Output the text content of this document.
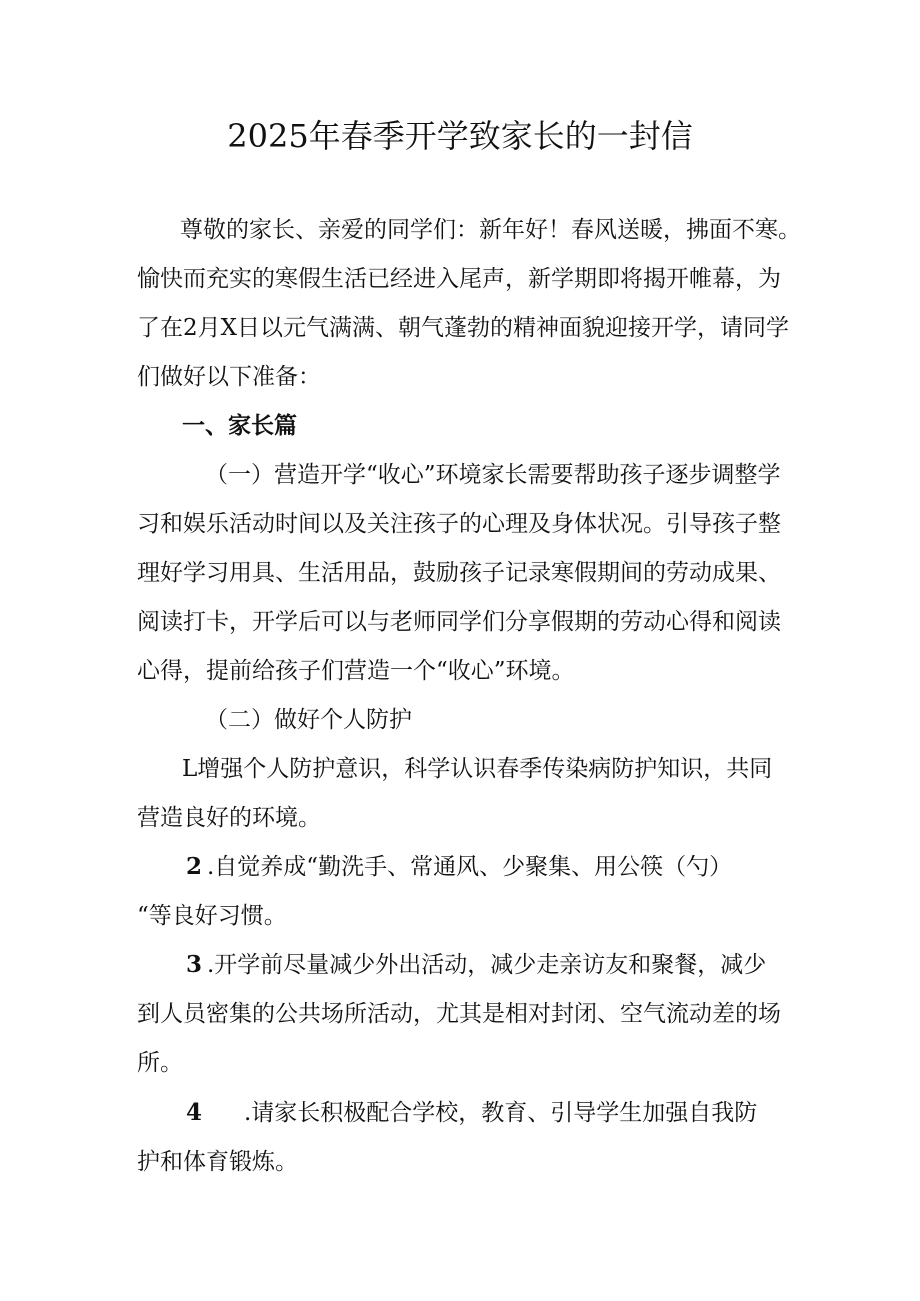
2025年春季开学致家长的一封信
尊敬的家长、亲爱的同学们：新年好！春风送暖，拂面不寒。
愉快而充实的寒假生活已经进入尾声，新学期即将揭开帷幕，为
了在2月X日以元气满满、朝气蓬勃的精神面貌迎接开学，请同学
们做好以下准备：
一、家长篇
（一）营造开学“收心”环境家长需要帮助孩子逐步调整学
习和娱乐活动时间以及关注孩子的心理及身体状况。引导孩子整
理好学习用具、生活用品，鼓励孩子记录寒假期间的劳动成果、
阅读打卡，开学后可以与老师同学们分享假期的劳动心得和阅读
心得，提前给孩子们营造一个“收心”环境。
（二）做好个人防护
L增强个人防护意识，科学认识春季传染病防护知识，共同
营造良好的环境。
2 .自觉养成“勤洗手、常通风、少聚集、用公筷（勺）
“等良好习惯。
3 .开学前尽量减少外出活动，减少走亲访友和聚餐，减少
到人员密集的公共场所活动，尤其是相对封闭、空气流动差的场
所。
4 .请家长积极配合学校，教育、引导学生加强自我防
护和体育锻炼。
